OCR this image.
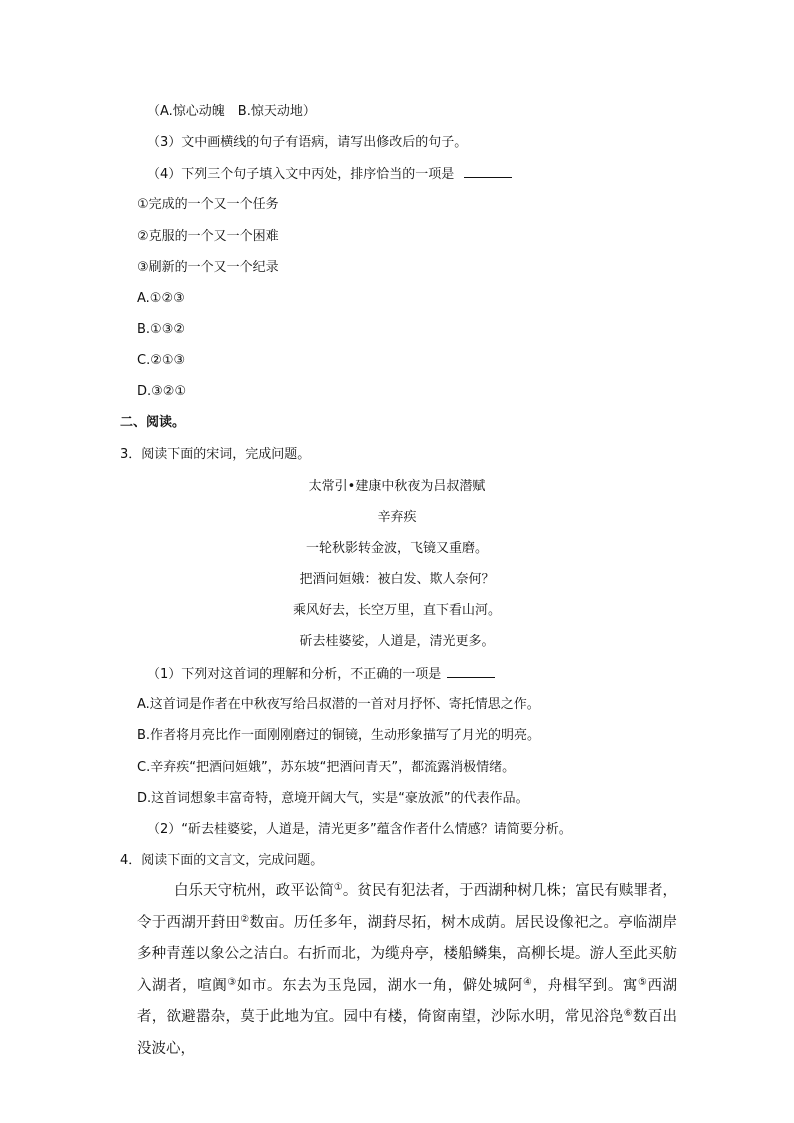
（A.惊心动魄　B.惊天动地）
（3）文中画横线的句子有语病，请写出修改后的句子。
（4）下列三个句子填入文中丙处，排序恰当的一项是
①完成的一个又一个任务
②克服的一个又一个困难
③刷新的一个又一个纪录
A.①②③
B.①③②
C.②①③
D.③②①
二、阅读。
3．阅读下面的宋词，完成问题。
太常引•建康中秋夜为吕叔潜赋
辛弃疾
一轮秋影转金波，飞镜又重磨。
把酒问姮娥：被白发、欺人奈何？
乘风好去，长空万里，直下看山河。
斫去桂婆娑，人道是，清光更多。
（1）下列对这首词的理解和分析，不正确的一项是
A.这首词是作者在中秋夜写给吕叔潜的一首对月抒怀、寄托情思之作。
B.作者将月亮比作一面刚刚磨过的铜镜，生动形象描写了月光的明亮。
C.辛弃疾“把酒问姮娥”，苏东坡“把酒问青天”，都流露消极情绪。
D.这首词想象丰富奇特，意境开阔大气，实是“豪放派”的代表作品。
（2）“斫去桂婆娑，人道是，清光更多”蕴含作者什么情感？请简要分析。
4．阅读下面的文言文，完成问题。
白乐天守杭州，政平讼简①。贫民有犯法者，于西湖种树几株；富民有赎罪者，令于西湖开葑田②数亩。历任多年，湖葑尽拓，树木成荫。居民设像祀之。亭临湖岸多种青莲以象公之洁白。右折而北，为缆舟亭，楼船鳞集，高柳长堤。游人至此买舫入湖者，喧阗③如市。东去为玉凫园，湖水一角，僻处城阿④，舟楫罕到。寓⑤西湖者，欲避嚣杂，莫于此地为宜。园中有楼，倚窗南望，沙际水明，常见浴凫⑥数百出没波心，
